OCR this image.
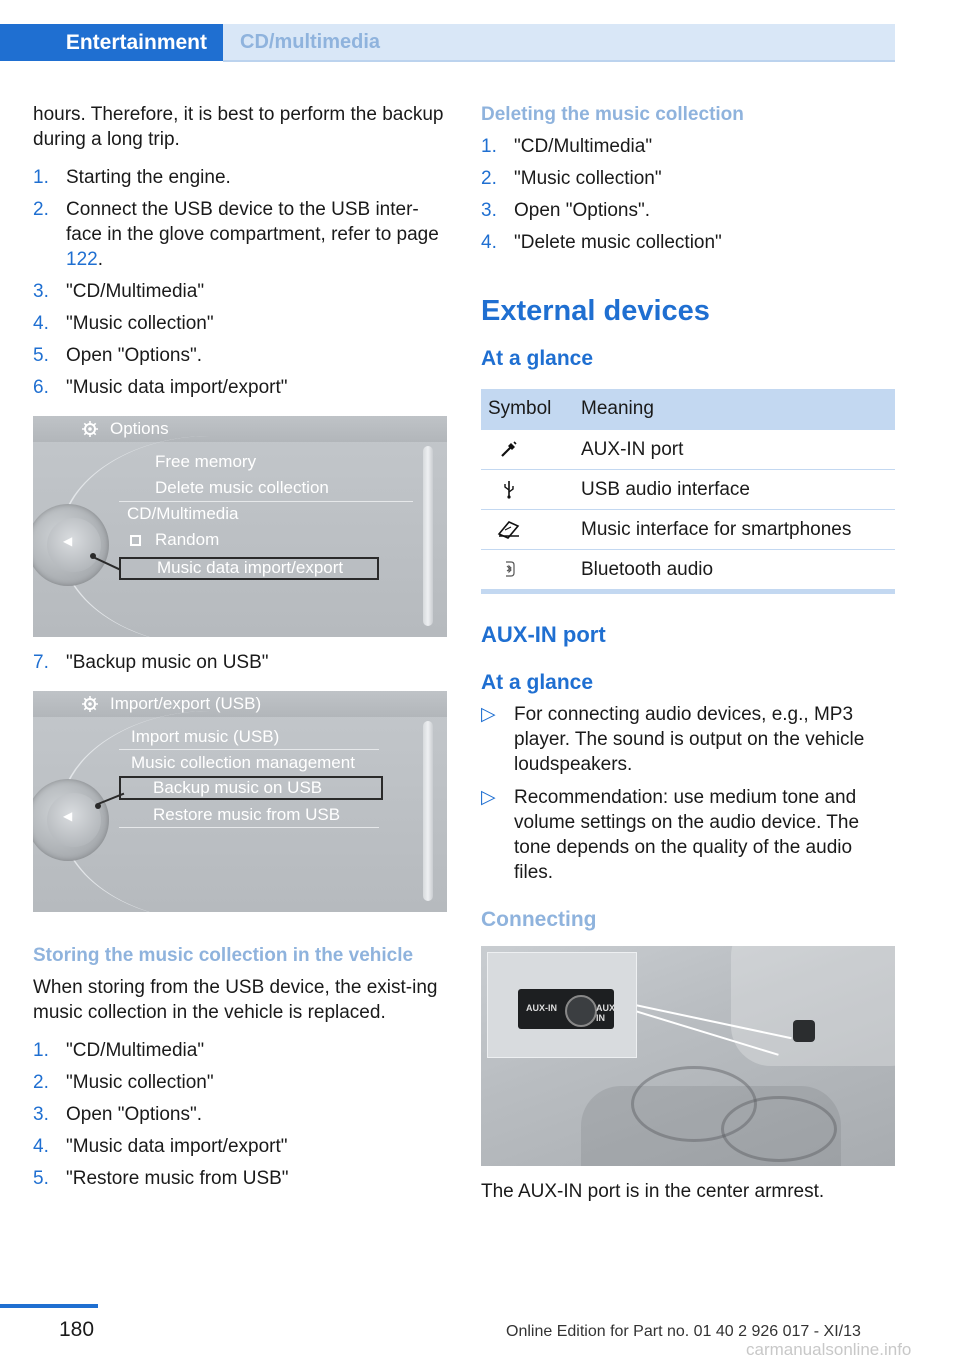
Entertainment	CD/multimedia

hours. Therefore, it is best to perform the backup during a long trip.

1. Starting the engine.
2. Connect the USB device to the USB inter‐face in the glove compartment, refer to page 122.
3. "CD/Multimedia"
4. "Music collection"
5. Open "Options".
6. "Music data import/export"
Options
◀
Free memory
Delete music collection
CD/Multimedia
Random
Music data import/export
7. "Backup music on USB"
Import/export (USB)
◀
Import music (USB)
Music collection management
Backup music on USB
Restore music from USB

Storing the music collection in the vehicle

When storing from the USB device, the exist‐ing music collection in the vehicle is replaced.

1. "CD/Multimedia"
2. "Music collection"
3. Open "Options".
4. "Music data import/export"
5. "Restore music from USB"

Deleting the music collection

1. "CD/Multimedia"
2. "Music collection"
3. Open "Options".
4. "Delete music collection"

External devices

At a glance

Symbol	Meaning
	AUX-IN port
	USB audio interface
	Music interface for smartphones
	Bluetooth audio

AUX-IN port

At a glance

▷ For connecting audio devices, e.g., MP3 player. The sound is output on the vehicle loudspeakers.
▷ Recommendation: use medium tone and volume settings on the audio device. The tone depends on the quality of the audio files.

Connecting

AUX-IN	AUX-IN

The AUX-IN port is in the center armrest.

180	Online Edition for Part no. 01 40 2 926 017 - XI/13
carmanualsonline.info
